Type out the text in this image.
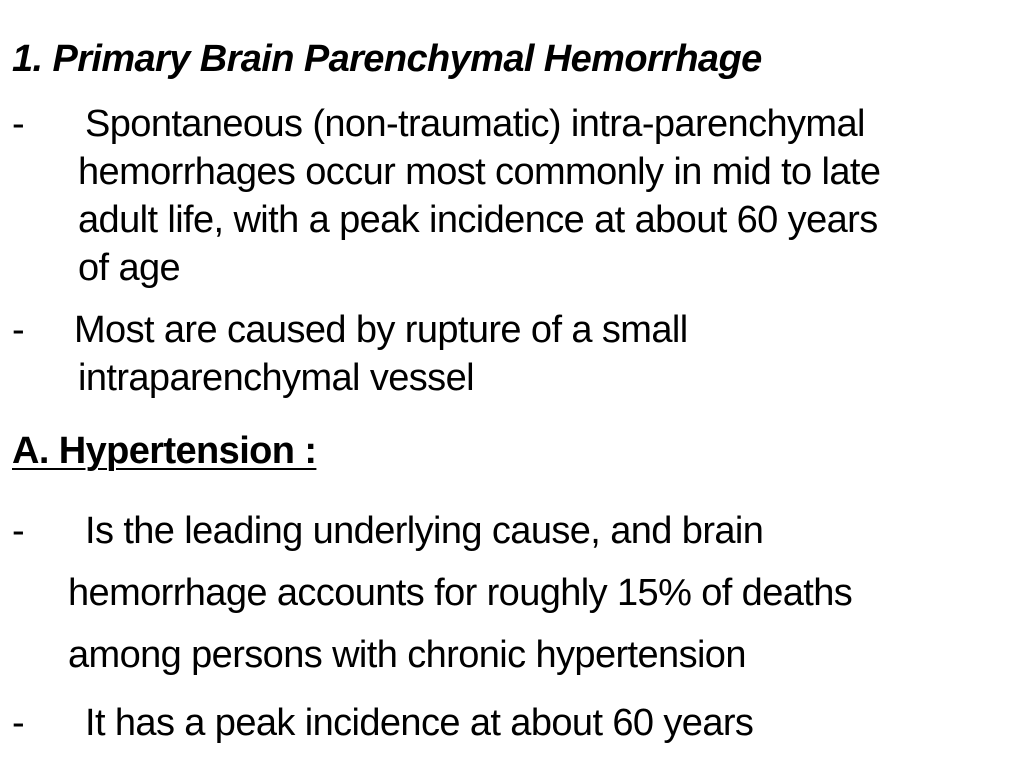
1. Primary Brain Parenchymal Hemorrhage
-	Spontaneous (non-traumatic) intra-parenchymal
hemorrhages occur most commonly in mid to late
adult life, with a peak incidence at about 60 years
of age
-	Most are caused by rupture of a small
intraparenchymal vessel
A. Hypertension :
-	Is the leading underlying cause, and brain
hemorrhage accounts for roughly 15% of deaths
among persons with chronic hypertension
-	It has a peak incidence at about 60 years
